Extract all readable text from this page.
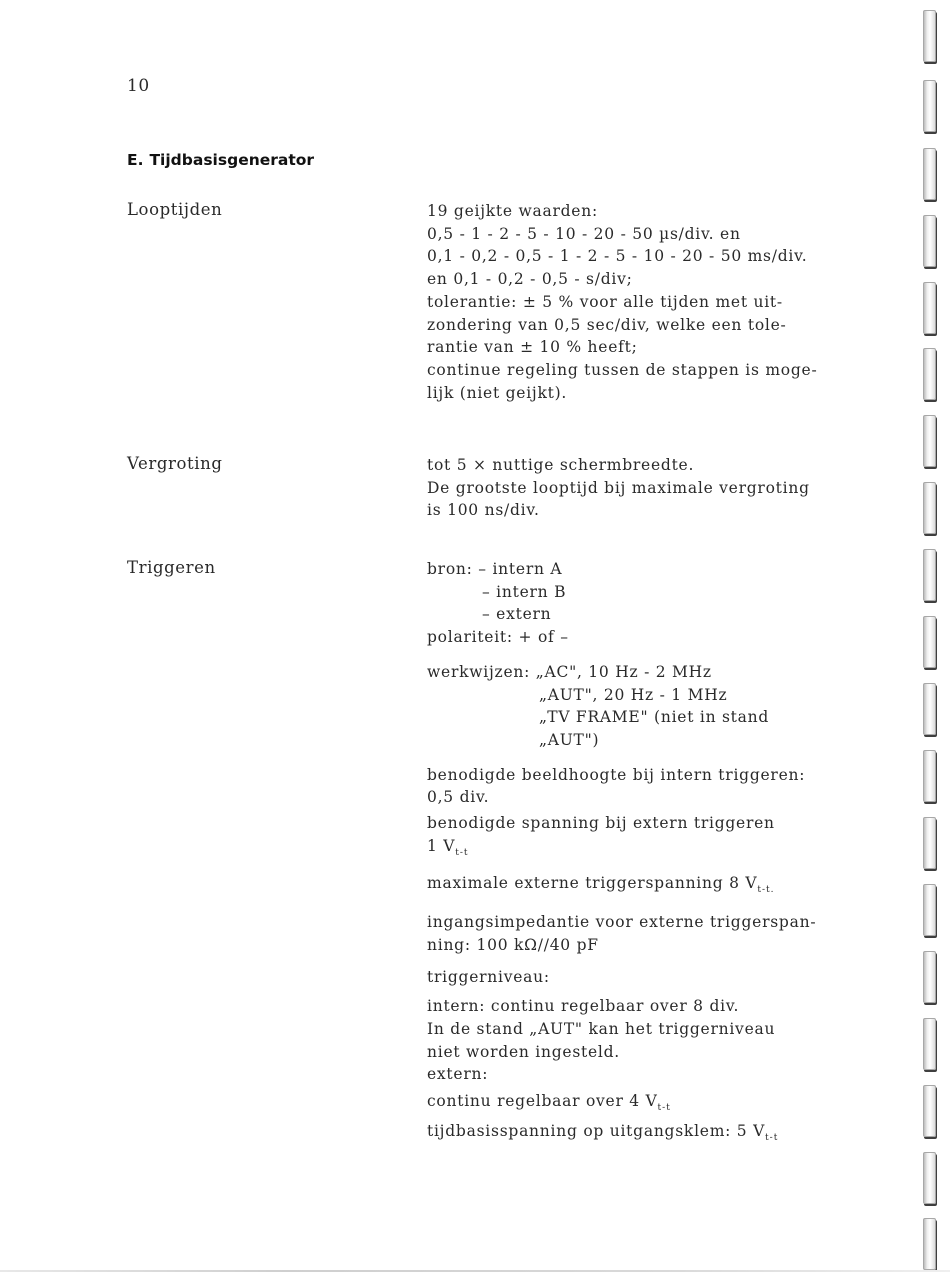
10
E. Tijdbasisgenerator
Looptijden	19 geijkte waarden:
0,5 - 1 - 2 - 5 - 10 - 20 - 50 µs/div. en
0,1 - 0,2 - 0,5 - 1 - 2 - 5 - 10 - 20 - 50 ms/div.
en 0,1 - 0,2 - 0,5 - s/div;
tolerantie: ± 5 % voor alle tijden met uit-
zondering van 0,5 sec/div, welke een tole-
rantie van ± 10 % heeft;
continue regeling tussen de stappen is moge-
lijk (niet geijkt).
Vergroting	tot 5 × nuttige schermbreedte.
De grootste looptijd bij maximale vergroting
is 100 ns/div.
Triggeren	bron: – intern A
– intern B
– extern
polariteit: + of –
werkwijzen: „AC", 10 Hz - 2 MHz
„AUT", 20 Hz - 1 MHz
„TV FRAME" (niet in stand
„AUT")
benodigde beeldhoogte bij intern triggeren:
0,5 div.
benodigde spanning bij extern triggeren
1 $V_{t-t}$
maximale externe triggerspanning 8 $V_{t-t.}$
ingangsimpedantie voor externe triggerspan-
ning: 100 kΩ//40 pF
triggerniveau:
intern: continu regelbaar over 8 div.
In de stand „AUT" kan het triggerniveau
niet worden ingesteld.
extern:
continu regelbaar over 4 $V_{t-t}$
tijdbasisspanning op uitgangsklem: 5 $V_{t-t}$
